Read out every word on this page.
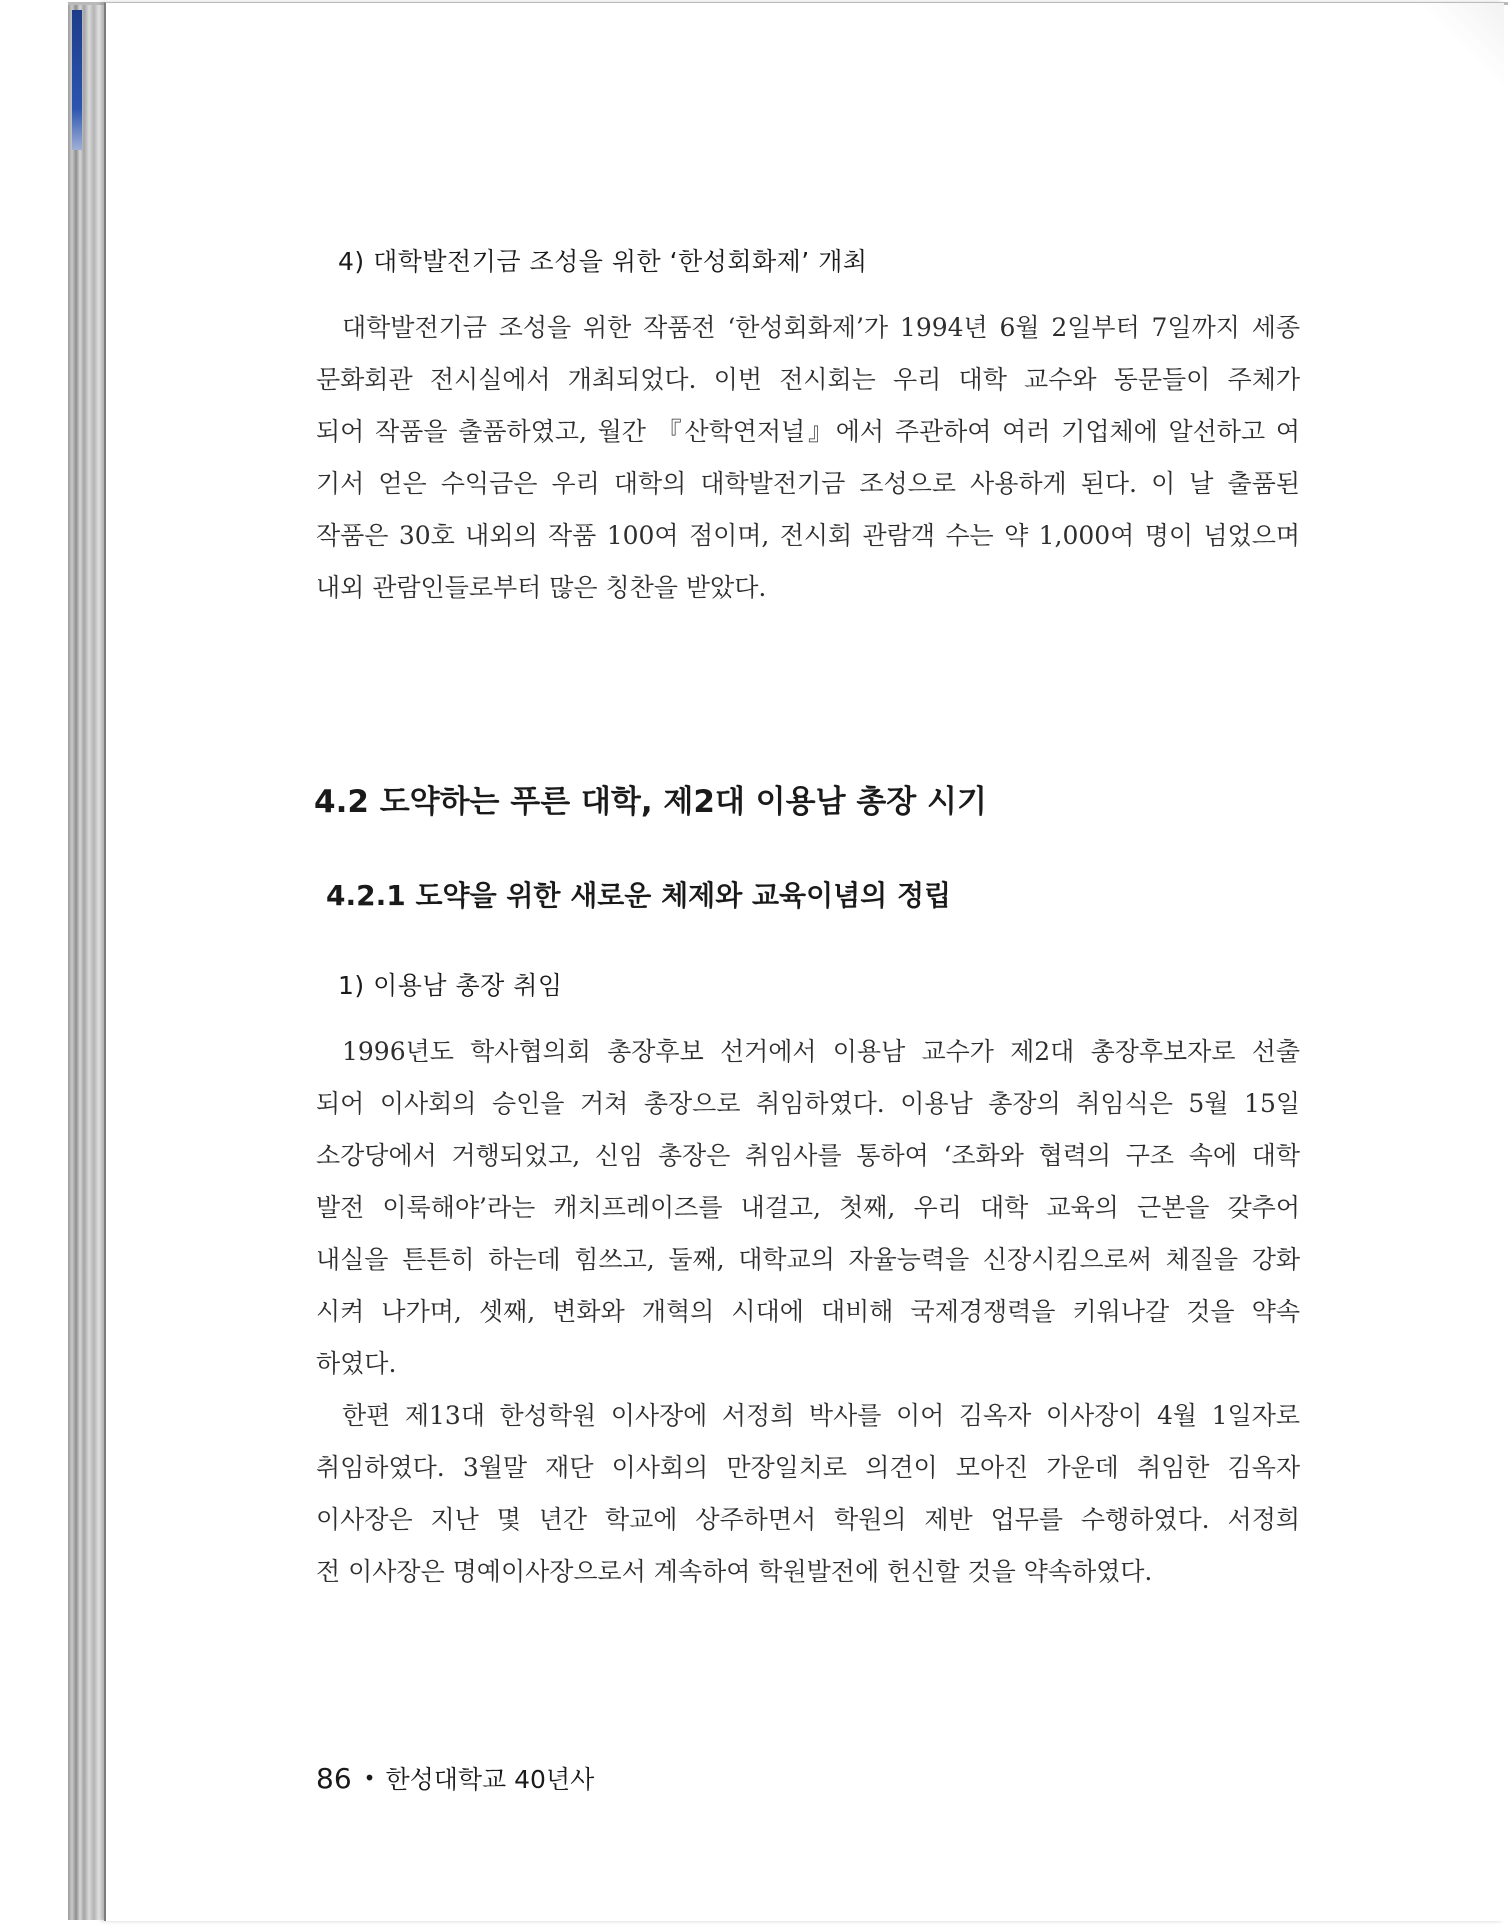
4) 대학발전기금 조성을 위한 ‘한성회화제’ 개최
대학발전기금 조성을 위한 작품전 ‘한성회화제’가 1994년 6월 2일부터 7일까지 세종
문화회관 전시실에서 개최되었다. 이번 전시회는 우리 대학 교수와 동문들이 주체가
되어 작품을 출품하였고, 월간 『산학연저널』에서 주관하여 여러 기업체에 알선하고 여
기서 얻은 수익금은 우리 대학의 대학발전기금 조성으로 사용하게 된다. 이 날 출품된
작품은 30호 내외의 작품 100여 점이며, 전시회 관람객 수는 약 1,000여 명이 넘었으며
내외 관람인들로부터 많은 칭찬을 받았다.
4.2 도약하는 푸른 대학, 제2대 이용남 총장 시기
4.2.1 도약을 위한 새로운 체제와 교육이념의 정립
1) 이용남 총장 취임
1996년도 학사협의회 총장후보 선거에서 이용남 교수가 제2대 총장후보자로 선출
되어 이사회의 승인을 거쳐 총장으로 취임하였다. 이용남 총장의 취임식은 5월 15일
소강당에서 거행되었고, 신임 총장은 취임사를 통하여 ‘조화와 협력의 구조 속에 대학
발전 이룩해야’라는 캐치프레이즈를 내걸고, 첫째, 우리 대학 교육의 근본을 갖추어
내실을 튼튼히 하는데 힘쓰고, 둘째, 대학교의 자율능력을 신장시킴으로써 체질을 강화
시켜 나가며, 셋째, 변화와 개혁의 시대에 대비해 국제경쟁력을 키워나갈 것을 약속
하였다.
한편 제13대 한성학원 이사장에 서정희 박사를 이어 김옥자 이사장이 4월 1일자로
취임하였다. 3월말 재단 이사회의 만장일치로 의견이 모아진 가운데 취임한 김옥자
이사장은 지난 몇 년간 학교에 상주하면서 학원의 제반 업무를 수행하였다. 서정희
전 이사장은 명예이사장으로서 계속하여 학원발전에 헌신할 것을 약속하였다.
86 • 한성대학교 40년사
